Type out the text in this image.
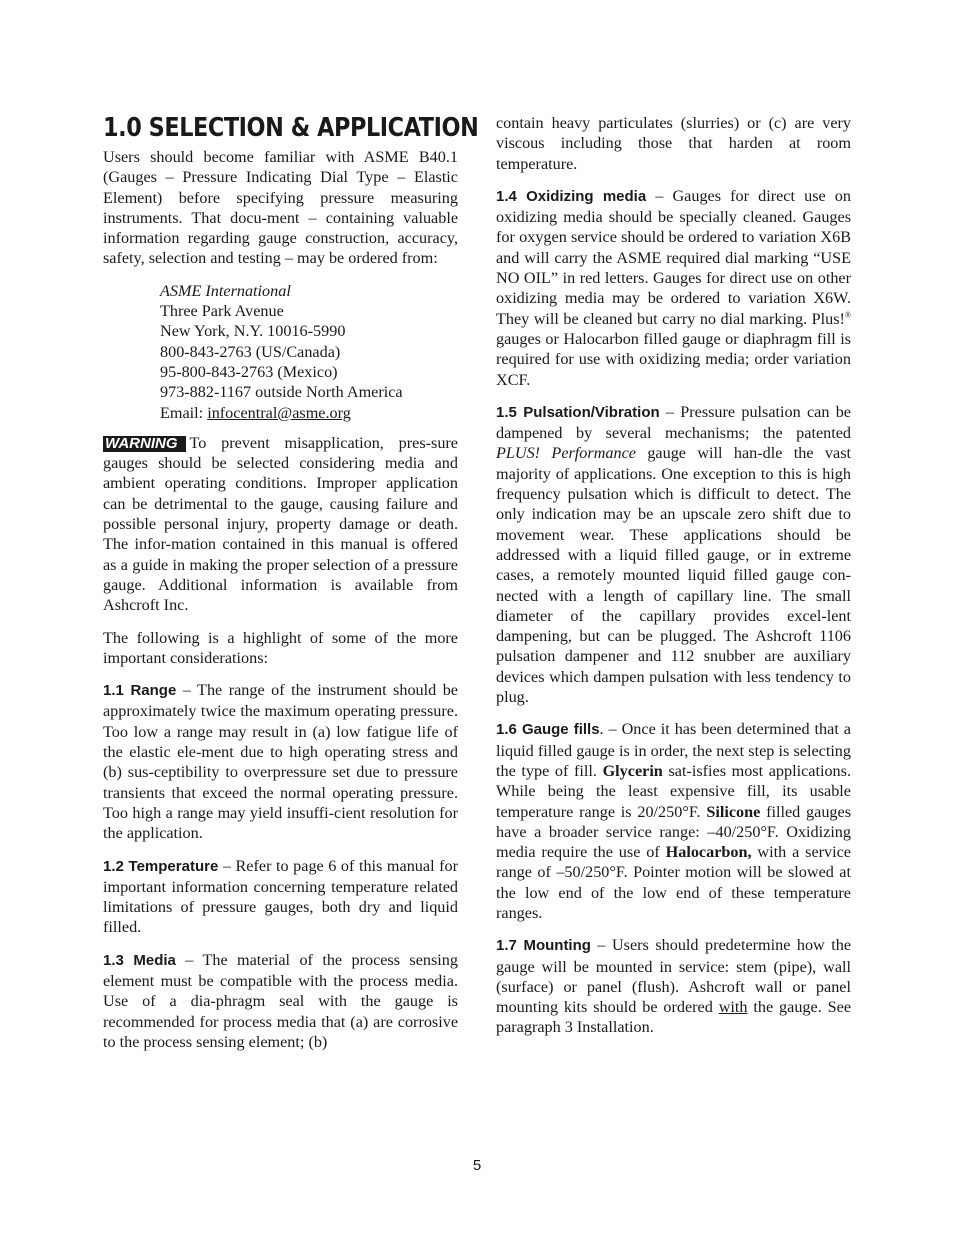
1.0 SELECTION & APPLICATION

Users should become familiar with ASME B40.1 (Gauges – Pressure Indicating Dial Type – Elastic Element) before specifying pressure measuring instruments. That docu-ment – containing valuable information regarding gauge construction, accuracy, safety, selection and testing – may be ordered from:

ASME International
Three Park Avenue
New York, N.Y. 10016-5990
800-843-2763 (US/Canada)
95-800-843-2763 (Mexico)
973-882-1167 outside North America
Email: infocentral@asme.org

WARNING To prevent misapplication, pres-sure gauges should be selected considering media and ambient operating conditions. Improper application can be detrimental to the gauge, causing failure and possible personal injury, property damage or death. The infor-mation contained in this manual is offered as a guide in making the proper selection of a pressure gauge. Additional information is available from Ashcroft Inc.

The following is a highlight of some of the more important considerations:

1.1 Range – The range of the instrument should be approximately twice the maximum operating pressure. Too low a range may result in (a) low fatigue life of the elastic ele-ment due to high operating stress and (b) sus-ceptibility to overpressure set due to pressure transients that exceed the normal operating pressure. Too high a range may yield insuffi-cient resolution for the application.

1.2 Temperature – Refer to page 6 of this manual for important information concerning temperature related limitations of pressure gauges, both dry and liquid filled.

1.3 Media – The material of the process sensing element must be compatible with the process media. Use of a dia-phragm seal with the gauge is recommended for process media that (a) are corrosive to the process sensing element; (b)

contain heavy particulates (slurries) or (c) are very viscous including those that harden at room temperature.

1.4 Oxidizing media – Gauges for direct use on oxidizing media should be specially cleaned. Gauges for oxygen service should be ordered to variation X6B and will carry the ASME required dial marking “USE NO OIL” in red letters. Gauges for direct use on other oxidizing media may be ordered to variation X6W. They will be cleaned but carry no dial marking. Plus!® gauges or Halocarbon filled gauge or diaphragm fill is required for use with oxidizing media; order variation XCF.

1.5 Pulsation/Vibration – Pressure pulsation can be dampened by several mechanisms; the patented PLUS! Performance gauge will han-dle the vast majority of applications. One exception to this is high frequency pulsation which is difficult to detect. The only indication may be an upscale zero shift due to movement wear. These applications should be addressed with a liquid filled gauge, or in extreme cases, a remotely mounted liquid filled gauge con-nected with a length of capillary line. The small diameter of the capillary provides excel-lent dampening, but can be plugged. The Ashcroft 1106 pulsation dampener and 112 snubber are auxiliary devices which dampen pulsation with less tendency to plug.

1.6 Gauge fills. – Once it has been determined that a liquid filled gauge is in order, the next step is selecting the type of fill. Glycerin sat-isfies most applications. While being the least expensive fill, its usable temperature range is 20/250°F. Silicone filled gauges have a broader service range: –40/250°F. Oxidizing media require the use of Halocarbon, with a service range of –50/250°F. Pointer motion will be slowed at the low end of the low end of these temperature ranges.

1.7 Mounting – Users should predetermine how the gauge will be mounted in service: stem (pipe), wall (surface) or panel (flush). Ashcroft wall or panel mounting kits should be ordered with the gauge. See paragraph 3 Installation.

5
